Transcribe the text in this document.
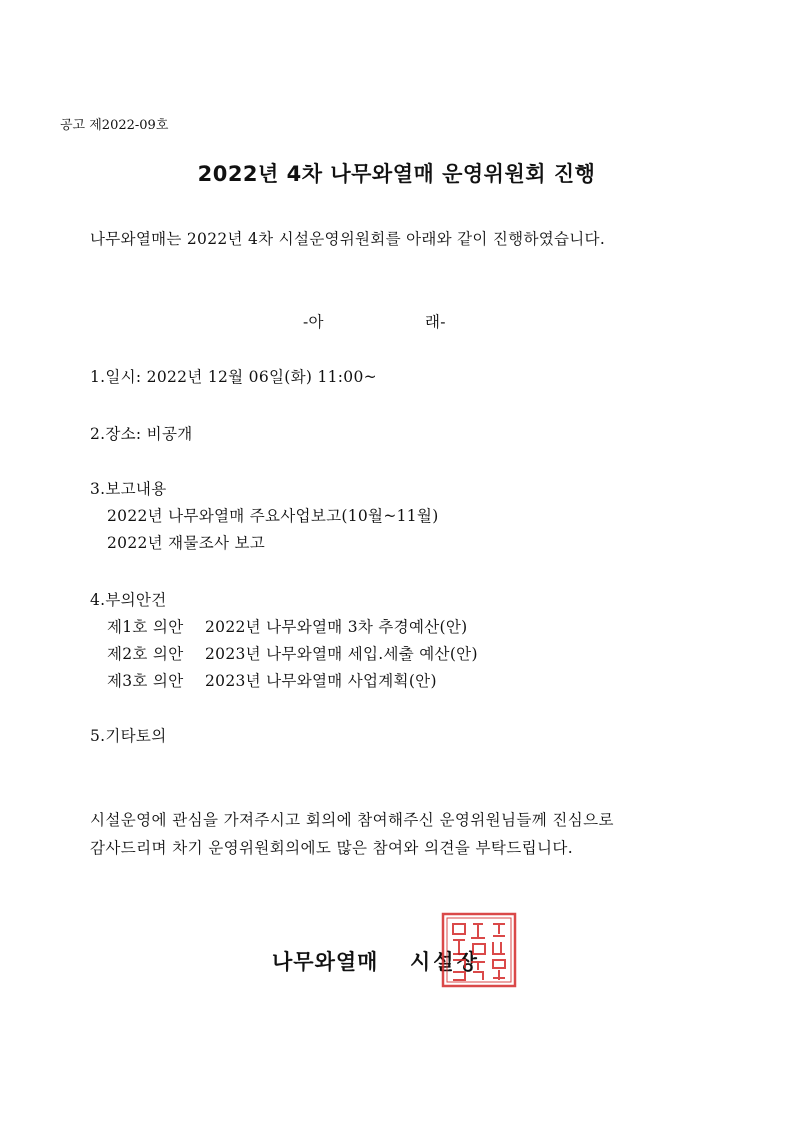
공고 제2022-09호
2022년 4차 나무와열매 운영위원회 진행
나무와열매는 2022년 4차 시설운영위원회를 아래와 같이 진행하였습니다.
-아	래-
1.일시: 2022년 12월 06일(화) 11:00~
2.장소: 비공개
3.보고내용
2022년 나무와열매 주요사업보고(10월~11월)
2022년 재물조사 보고
4.부의안건
제1호 의안 2022년 나무와열매 3차 추경예산(안)
제2호 의안 2023년 나무와열매 세입.세출 예산(안)
제3호 의안 2023년 나무와열매 사업계획(안)
5.기타토의
시설운영에 관심을 가져주시고 회의에 참여해주신 운영위원님들께 진심으로
감사드리며 차기 운영위원회의에도 많은 참여와 의견을 부탁드립니다.
나무와열매 시설장
